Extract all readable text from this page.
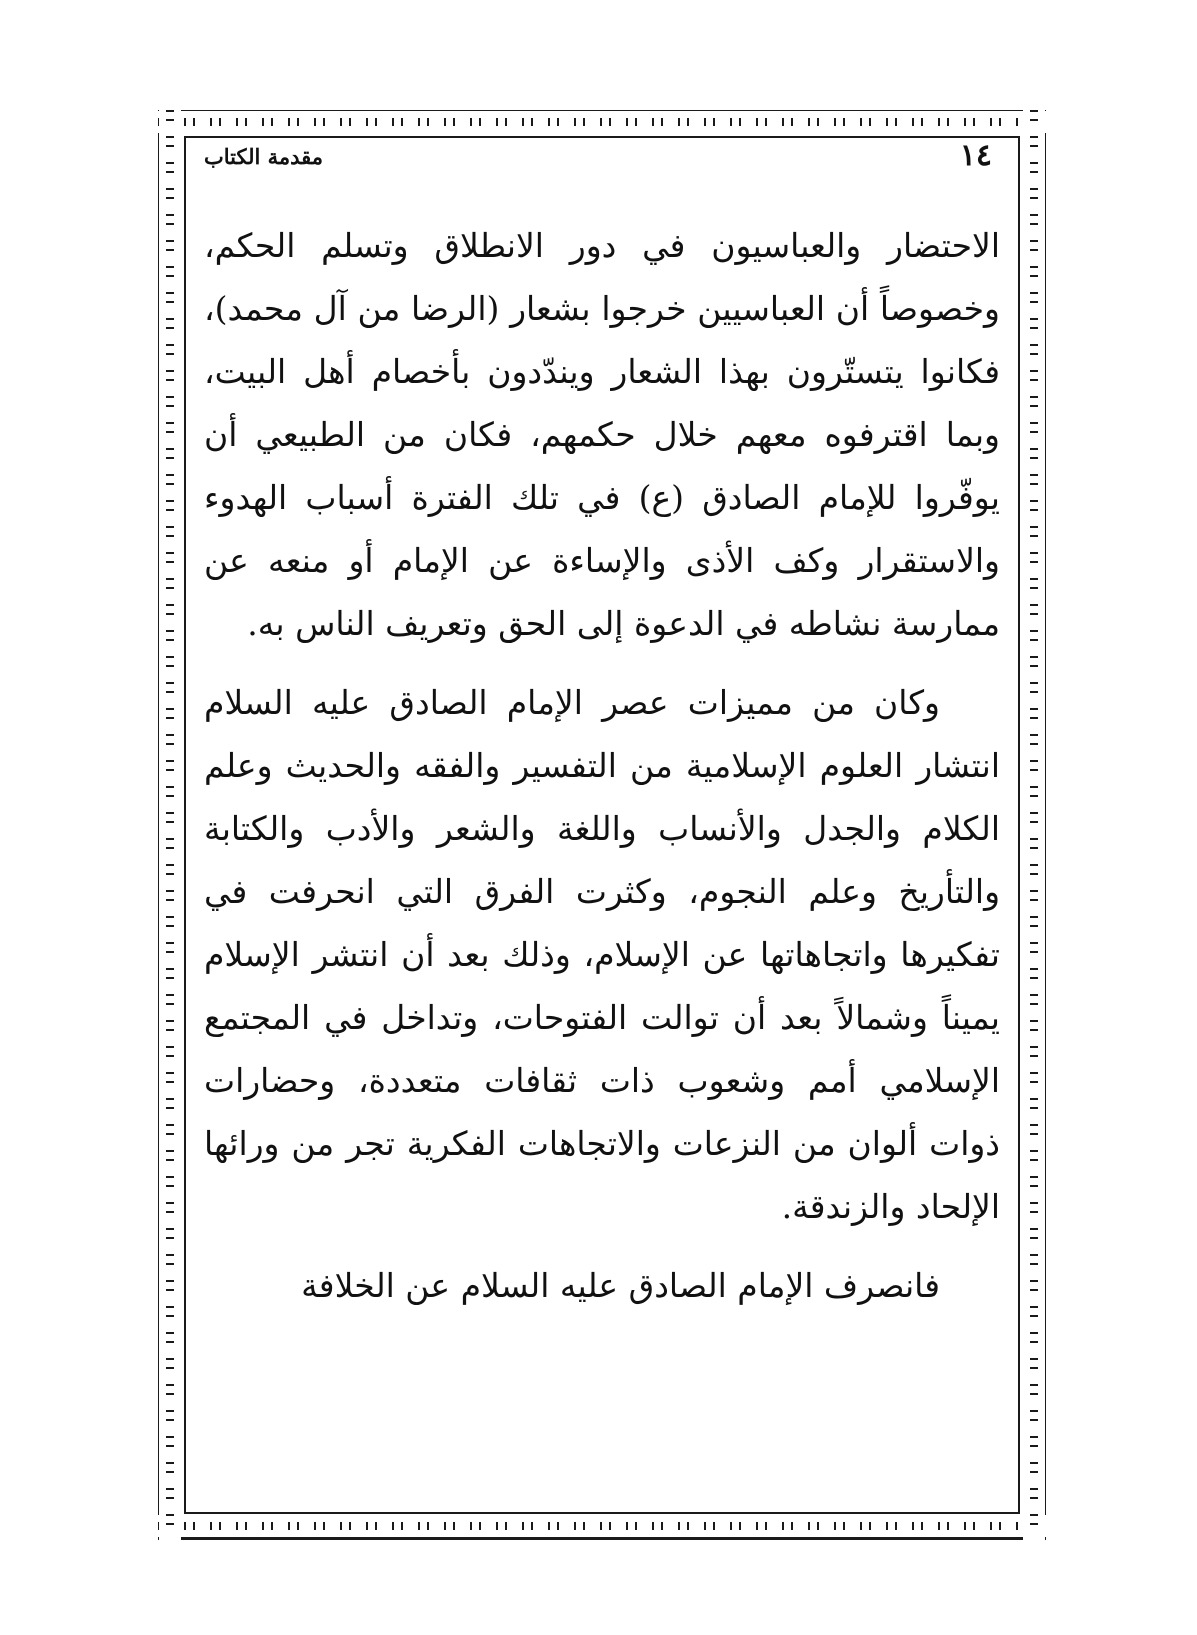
١٤
مقدمة الكتاب

الاحتضار والعباسيون في دور الانطلاق وتسلم الحكم، وخصوصاً أن العباسيين خرجوا بشعار (الرضا من آل محمد)، فكانوا يتستّرون بهذا الشعار ويندّدون بأخصام أهل البيت، وبما اقترفوه معهم خلال حكمهم، فكان من الطبيعي أن يوفّروا للإمام الصادق (ع) في تلك الفترة أسباب الهدوء والاستقرار وكف الأذى والإساءة عن الإمام أو منعه عن ممارسة نشاطه في الدعوة إلى الحق وتعريف الناس به.

وكان من مميزات عصر الإمام الصادق عليه السلام انتشار العلوم الإسلامية من التفسير والفقه والحديث وعلم الكلام والجدل والأنساب واللغة والشعر والأدب والكتابة والتأريخ وعلم النجوم، وكثرت الفرق التي انحرفت في تفكيرها واتجاهاتها عن الإسلام، وذلك بعد أن انتشر الإسلام يميناً وشمالاً بعد أن توالت الفتوحات، وتداخل في المجتمع الإسلامي أمم وشعوب ذات ثقافات متعددة، وحضارات ذوات ألوان من النزعات والاتجاهات الفكرية تجر من ورائها الإلحاد والزندقة.

فانصرف الإمام الصادق عليه السلام عن الخلافة
